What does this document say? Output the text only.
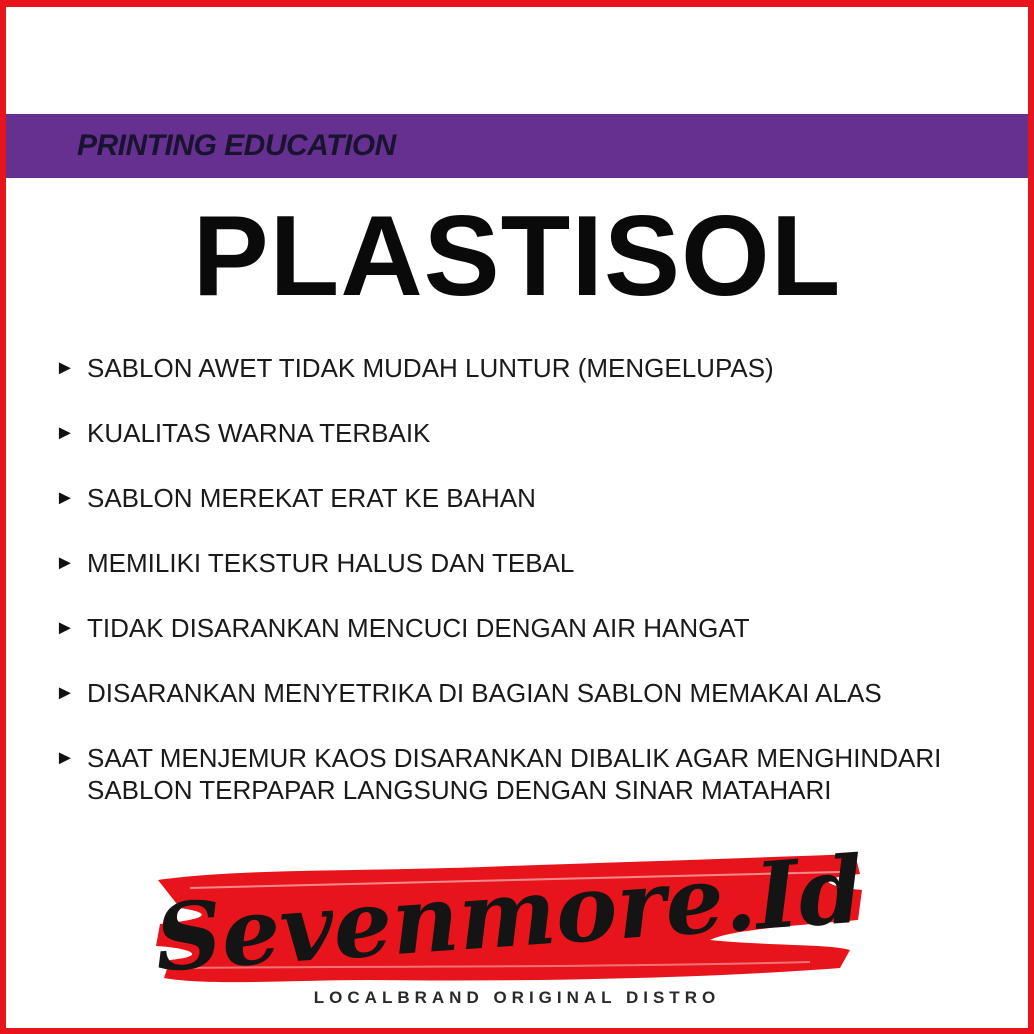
PRINTING EDUCATION
PLASTISOL
► SABLON AWET TIDAK MUDAH LUNTUR (MENGELUPAS)
► KUALITAS WARNA TERBAIK
► SABLON MEREKAT ERAT KE BAHAN
► MEMILIKI TEKSTUR HALUS DAN TEBAL
► TIDAK DISARANKAN MENCUCI DENGAN AIR HANGAT
► DISARANKAN MENYETRIKA DI BAGIAN SABLON MEMAKAI ALAS
► SAAT MENJEMUR KAOS DISARANKAN DIBALIK AGAR MENGHINDARI SABLON TERPAPAR LANGSUNG DENGAN SINAR MATAHARI
Sevenmore.Id
LOCALBRAND ORIGINAL DISTRO
